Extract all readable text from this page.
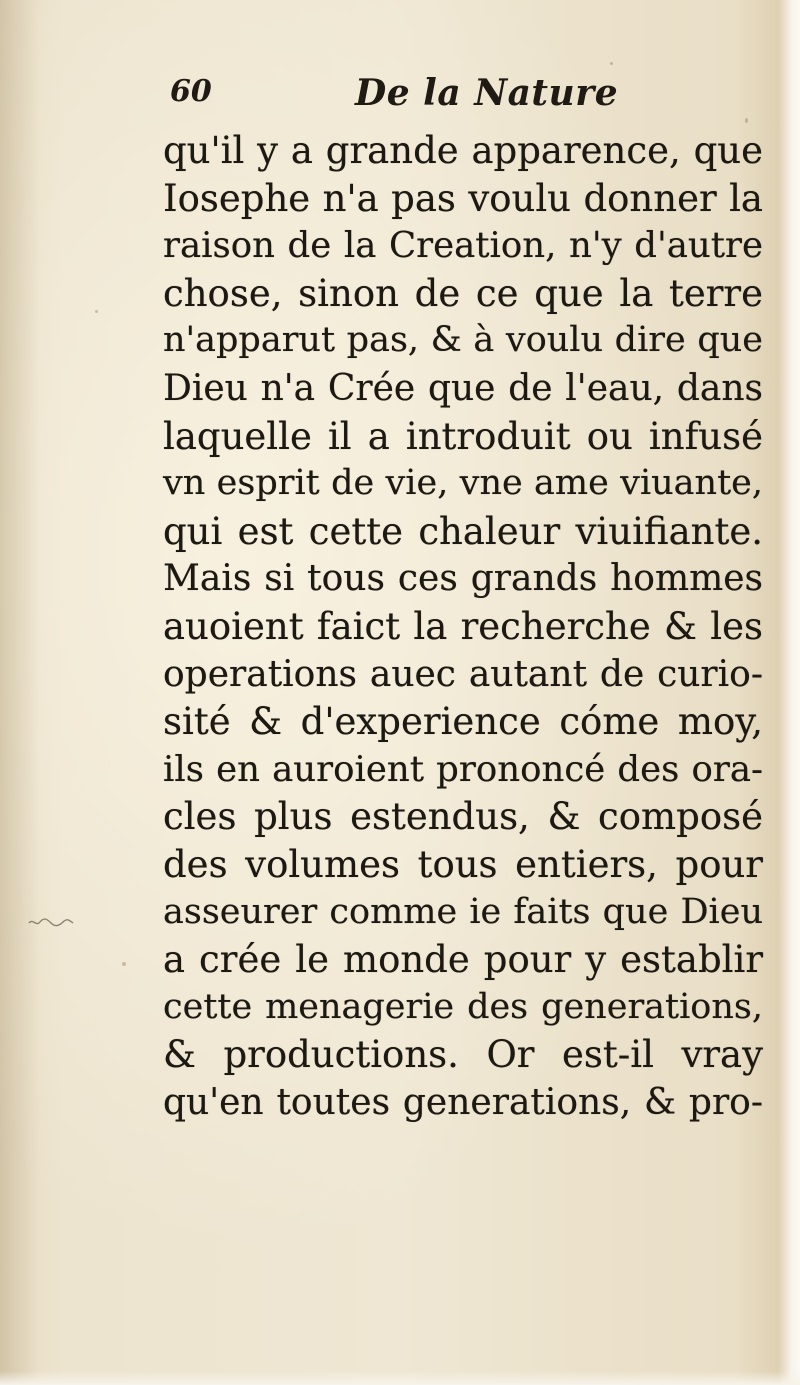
60	De la Nature
qu'il y a grande apparence, que
Iosephe n'a pas voulu donner la
raison de la Creation, n'y d'autre
chose, sinon de ce que la terre
n'apparut pas, & à voulu dire que
Dieu n'a Crée que de l'eau, dans
laquelle il a introduit ou infusé
vn esprit de vie, vne ame viuante,
qui est cette chaleur viuifiante.
Mais si tous ces grands hommes
auoient faict la recherche & les
operations auec autant de curio-
sité & d'experience cóme moy,
ils en auroient prononcé des ora-
cles plus estendus, & composé
des volumes tous entiers, pour
asseurer comme ie faits que Dieu
a crée le monde pour y establir
cette menagerie des generations,
& productions. Or est-il vray
qu'en toutes generations, & pro-
